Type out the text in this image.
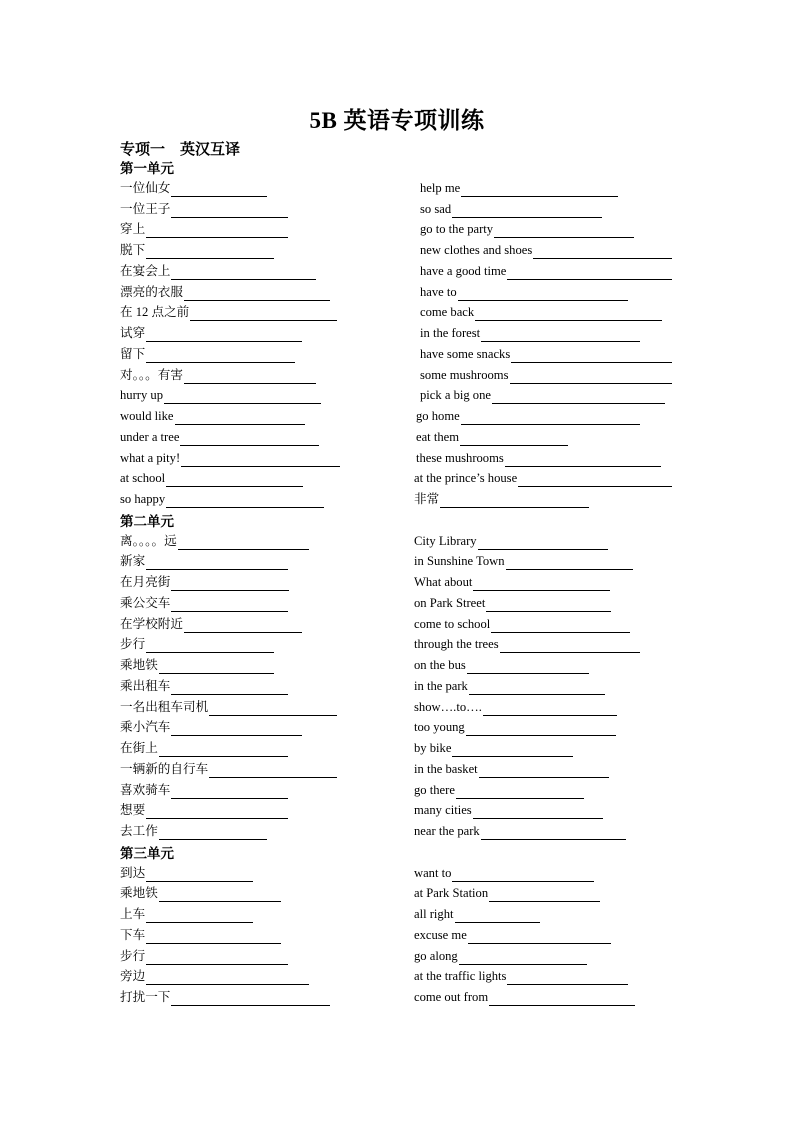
5B 英语专项训练
专项一　英汉互译
第一单元
一位仙女	help me
一位王子	so sad
穿上	go to the party
脱下	new clothes and shoes
在宴会上	have a good time
漂亮的衣服	have to
在 12 点之前	come back
试穿	in the forest
留下	have some snacks
对。。。有害	some mushrooms
hurry up	pick a big one
would like	go home
under a tree	eat them
what a pity!	these mushrooms
at school	at the prince’s house
so happy	非常
第二单元
离。。。。远	City Library
新家	in Sunshine Town
在月亮街	What about
乘公交车	on Park Street
在学校附近	come to school
步行	through the trees
乘地铁	on the bus
乘出租车	in the park
一名出租车司机	show….to….
乘小汽车	too young
在街上	by bike
一辆新的自行车	in the basket
喜欢骑车	go there
想要	many cities
去工作	near the park
第三单元
到达	want to
乘地铁	at Park Station
上车	all right
下车	excuse me
步行	go along
旁边	at the traffic lights
打扰一下	come out from
